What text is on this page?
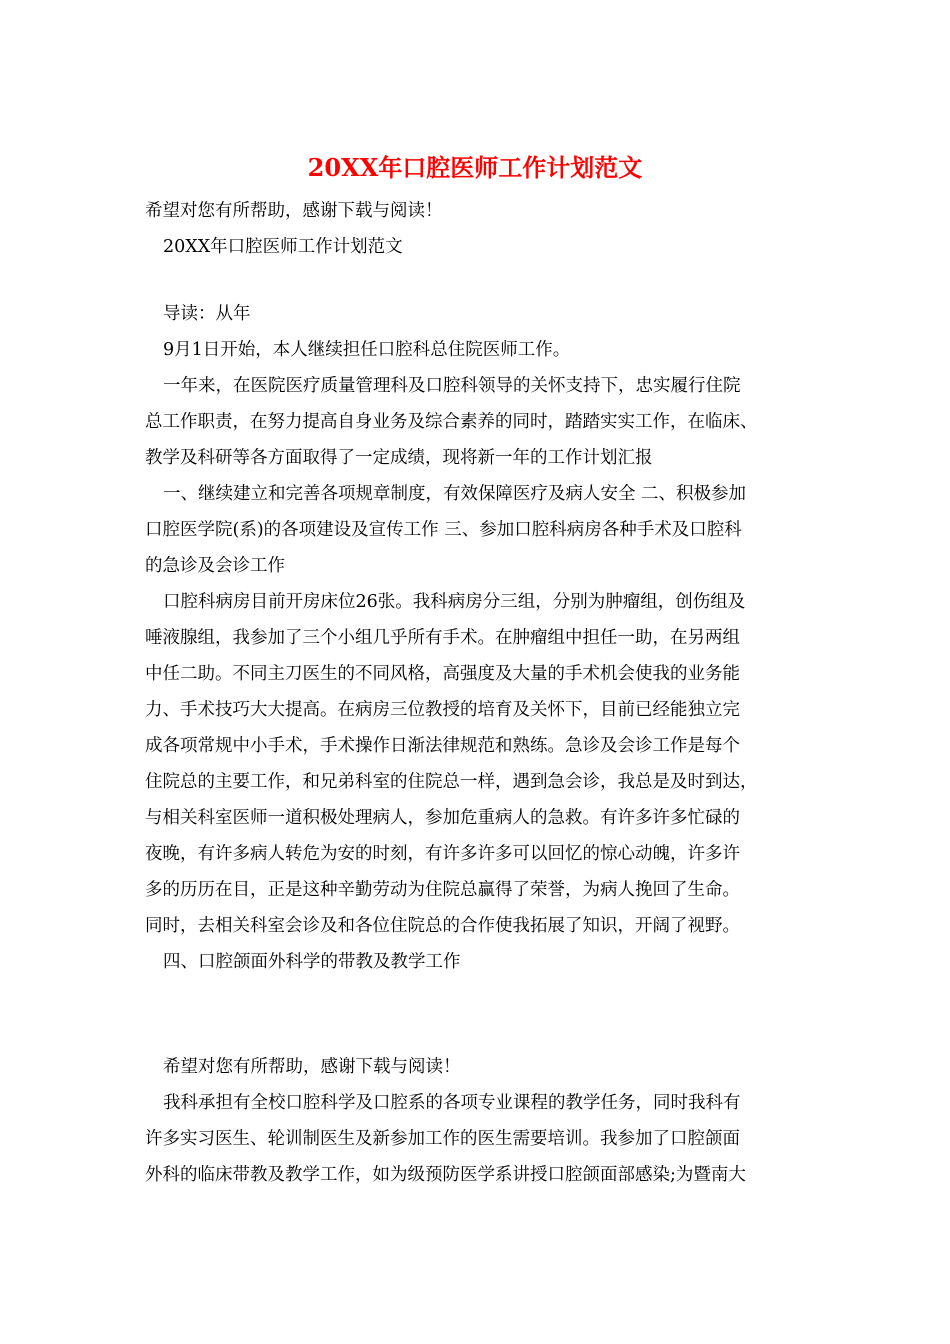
20XX年口腔医师工作计划范文

希望对您有所帮助，感谢下载与阅读！

20XX年口腔医师工作计划范文

导读：从年

9月1日开始，本人继续担任口腔科总住院医师工作。

一年来，在医院医疗质量管理科及口腔科领导的关怀支持下，忠实履行住院

总工作职责，在努力提高自身业务及综合素养的同时，踏踏实实工作，在临床、

教学及科研等各方面取得了一定成绩，现将新一年的工作计划汇报

一、继续建立和完善各项规章制度，有效保障医疗及病人安全 二、积极参加

口腔医学院(系)的各项建设及宣传工作 三、参加口腔科病房各种手术及口腔科

的急诊及会诊工作

口腔科病房目前开房床位26张。我科病房分三组，分别为肿瘤组，创伤组及

唾液腺组，我参加了三个小组几乎所有手术。在肿瘤组中担任一助，在另两组

中任二助。不同主刀医生的不同风格，高强度及大量的手术机会使我的业务能

力、手术技巧大大提高。在病房三位教授的培育及关怀下，目前已经能独立完

成各项常规中小手术，手术操作日渐法律规范和熟练。急诊及会诊工作是每个

住院总的主要工作，和兄弟科室的住院总一样，遇到急会诊，我总是及时到达，

与相关科室医师一道积极处理病人，参加危重病人的急救。有许多许多忙碌的

夜晚，有许多病人转危为安的时刻，有许多许多可以回忆的惊心动魄，许多许

多的历历在目，正是这种辛勤劳动为住院总赢得了荣誉，为病人挽回了生命。

同时，去相关科室会诊及和各位住院总的合作使我拓展了知识，开阔了视野。

四、口腔颌面外科学的带教及教学工作

希望对您有所帮助，感谢下载与阅读！

我科承担有全校口腔科学及口腔系的各项专业课程的教学任务，同时我科有

许多实习医生、轮训制医生及新参加工作的医生需要培训。我参加了口腔颌面

外科的临床带教及教学工作，如为级预防医学系讲授口腔颌面部感染;为暨南大
